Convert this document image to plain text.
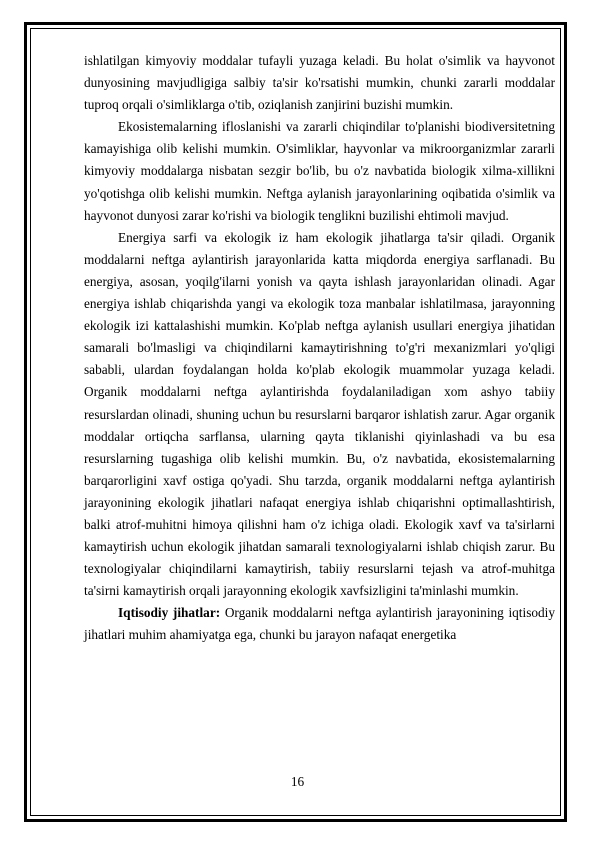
ishlatilgan kimyoviy moddalar tufayli yuzaga keladi. Bu holat o'simlik va hayvonot dunyosining mavjudligiga salbiy ta'sir ko'rsatishi mumkin, chunki zararli moddalar tuproq orqali o'simliklarga o'tib, oziqlanish zanjirini buzishi mumkin.

Ekosistemalarning ifloslanishi va zararli chiqindilar to'planishi biodiversitetning kamayishiga olib kelishi mumkin. O'simliklar, hayvonlar va mikroorganizmlar zararli kimyoviy moddalarga nisbatan sezgir bo'lib, bu o'z navbatida biologik xilma-xillikni yo'qotishga olib kelishi mumkin. Neftga aylanish jarayonlarining oqibatida o'simlik va hayvonot dunyosi zarar ko'rishi va biologik tenglikni buzilishi ehtimoli mavjud.

Energiya sarfi va ekologik iz ham ekologik jihatlarga ta'sir qiladi. Organik moddalarni neftga aylantirish jarayonlarida katta miqdorda energiya sarflanadi. Bu energiya, asosan, yoqilg'ilarni yonish va qayta ishlash jarayonlaridan olinadi. Agar energiya ishlab chiqarishda yangi va ekologik toza manbalar ishlatilmasa, jarayonning ekologik izi kattalashishi mumkin. Ko'plab neftga aylanish usullari energiya jihatidan samarali bo'lmasligi va chiqindilarni kamaytirishning to'g'ri mexanizmlari yo'qligi sababli, ulardan foydalangan holda ko'plab ekologik muammolar yuzaga keladi. Organik moddalarni neftga aylantirishda foydalaniladigan xom ashyo tabiiy resurslardan olinadi, shuning uchun bu resurslarni barqaror ishlatish zarur. Agar organik moddalar ortiqcha sarflansa, ularning qayta tiklanishi qiyinlashadi va bu esa resurslarning tugashiga olib kelishi mumkin. Bu, o'z navbatida, ekosistemalarning barqarorligini xavf ostiga qo'yadi. Shu tarzda, organik moddalarni neftga aylantirish jarayonining ekologik jihatlari nafaqat energiya ishlab chiqarishni optimallashtirish, balki atrof-muhitni himoya qilishni ham o'z ichiga oladi. Ekologik xavf va ta'sirlarni kamaytirish uchun ekologik jihatdan samarali texnologiyalarni ishlab chiqish zarur. Bu texnologiyalar chiqindilarni kamaytirish, tabiiy resurslarni tejash va atrof-muhitga ta'sirni kamaytirish orqali jarayonning ekologik xavfsizligini ta'minlashi mumkin.

Iqtisodiy jihatlar: Organik moddalarni neftga aylantirish jarayonining iqtisodiy jihatlari muhim ahamiyatga ega, chunki bu jarayon nafaqat energetika

16
